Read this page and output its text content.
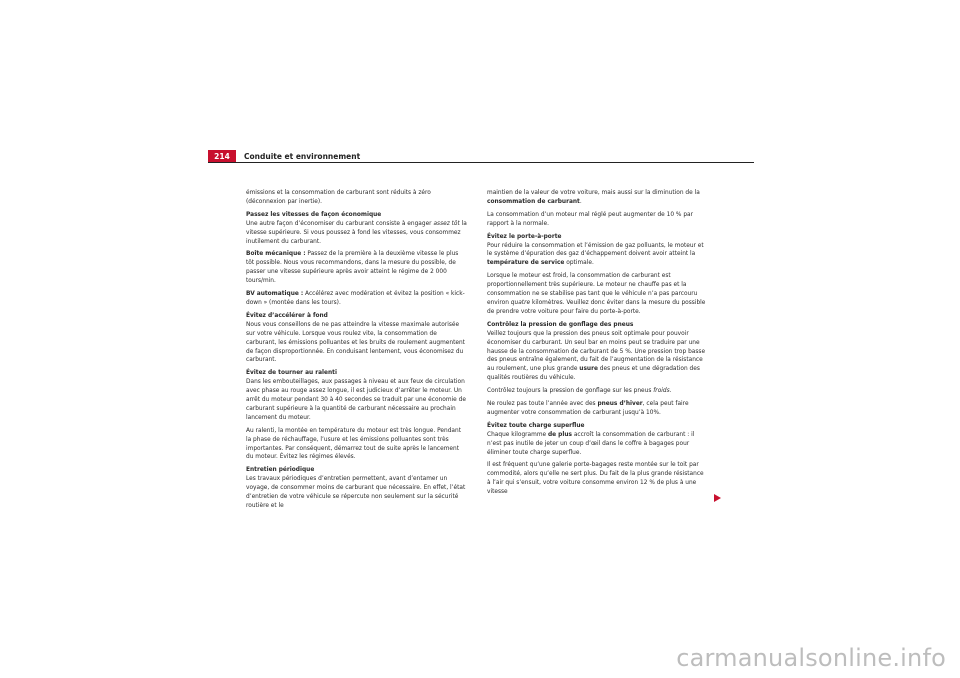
214	Conduite et environnement

émissions et la consommation de carburant sont réduits à zéro (déconnexion par inertie).

Passez les vitesses de façon économique

Une autre façon d’économiser du carburant consiste à engager assez tôt la vitesse supérieure. Si vous poussez à fond les vitesses, vous consommez inutilement du carburant.

Boîte mécanique : Passez de la première à la deuxième vitesse le plus tôt possible. Nous vous recommandons, dans la mesure du possible, de passer une vitesse supérieure après avoir atteint le régime de 2 000 tours/min.

BV automatique : Accélérez avec modération et évitez la position « kick-down » (montée dans les tours).

Évitez d’accélérer à fond

Nous vous conseillons de ne pas atteindre la vitesse maximale autorisée sur votre véhicule. Lorsque vous roulez vite, la consommation de carburant, les émissions polluantes et les bruits de roulement augmentent de façon disproportionnée. En conduisant lentement, vous économisez du carburant.

Évitez de tourner au ralenti

Dans les embouteillages, aux passages à niveau et aux feux de circulation avec phase au rouge assez longue, il est judicieux d’arrêter le moteur. Un arrêt du moteur pendant 30 à 40 secondes se traduit par une économie de carburant supérieure à la quantité de carburant nécessaire au prochain lancement du moteur.

Au ralenti, la montée en température du moteur est très longue. Pendant la phase de réchauffage, l’usure et les émissions polluantes sont très importantes. Par conséquent, démarrez tout de suite après le lancement du moteur. Évitez les régimes élevés.

Entretien périodique

Les travaux périodiques d’entretien permettent, avant d’entamer un voyage, de consommer moins de carburant que nécessaire. En effet, l’état d’entretien de votre véhicule se répercute non seulement sur la sécurité routière et le

maintien de la valeur de votre voiture, mais aussi sur la diminution de la consommation de carburant.

La consommation d’un moteur mal réglé peut augmenter de 10 % par rapport à la normale.

Évitez le porte-à-porte

Pour réduire la consommation et l’émission de gaz polluants, le moteur et le système d’épuration des gaz d’échappement doivent avoir atteint la température de service optimale.

Lorsque le moteur est froid, la consommation de carburant est proportionnellement très supérieure. Le moteur ne chauffe pas et la consommation ne se stabilise pas tant que le véhicule n’a pas parcouru environ quatre kilomètres. Veuillez donc éviter dans la mesure du possible de prendre votre voiture pour faire du porte-à-porte.

Contrôlez la pression de gonflage des pneus

Veillez toujours que la pression des pneus soit optimale pour pouvoir économiser du carburant. Un seul bar en moins peut se traduire par une hausse de la consommation de carburant de 5 %. Une pression trop basse des pneus entraîne également, du fait de l’augmentation de la résistance au roulement, une plus grande usure des pneus et une dégradation des qualités routières du véhicule.

Contrôlez toujours la pression de gonflage sur les pneus froids.

Ne roulez pas toute l’année avec des pneus d’hiver, cela peut faire augmenter votre consommation de carburant jusqu’à 10%.

Évitez toute charge superflue

Chaque kilogramme de plus accroît la consommation de carburant : il n’est pas inutile de jeter un coup d’œil dans le coffre à bagages pour éliminer toute charge superflue.

Il est fréquent qu’une galerie porte-bagages reste montée sur le toit par commodité, alors qu’elle ne sert plus. Du fait de la plus grande résistance à l’air qui s’ensuit, votre voiture consomme environ 12 % de plus à une vitesse

carmanualsonline.info
